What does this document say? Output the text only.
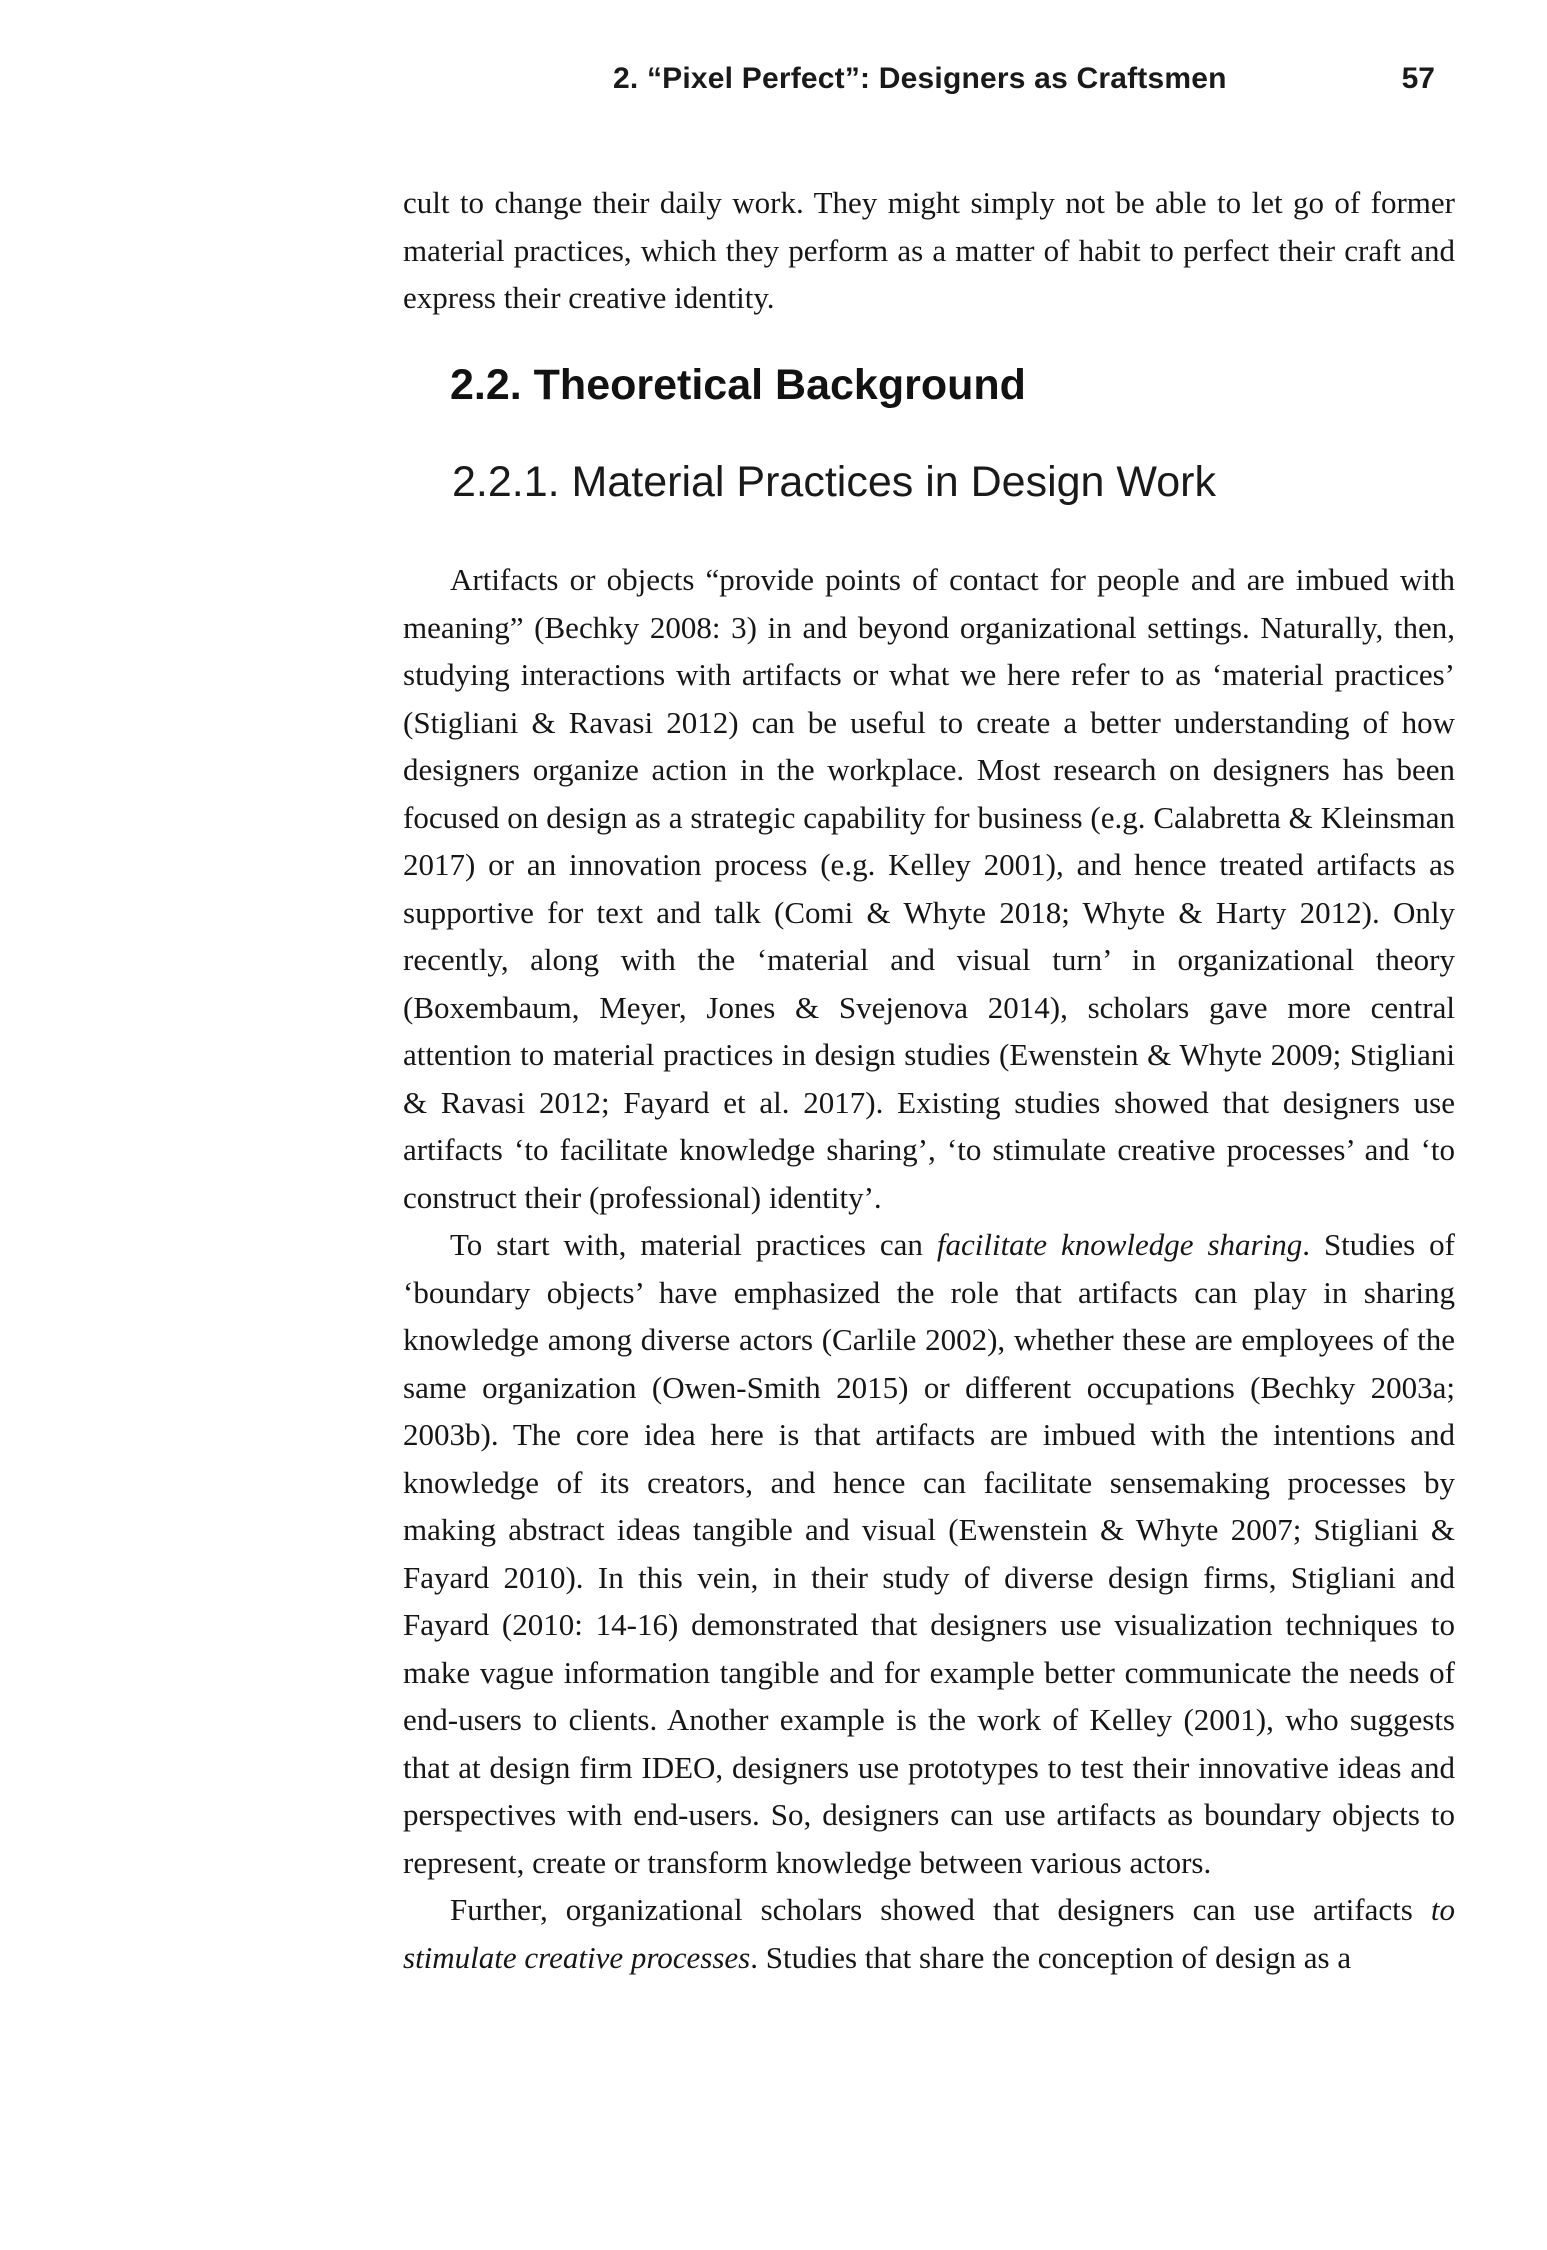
2. “Pixel Perfect”: Designers as Craftsmen	57

cult to change their daily work. They might simply not be able to let go of former material practices, which they perform as a matter of habit to perfect their craft and express their creative identity.

2.2. Theoretical Background
2.2.1. Material Practices in Design Work

Artifacts or objects “provide points of contact for people and are imbued with meaning” (Bechky 2008: 3) in and beyond organizational settings. Naturally, then, studying interactions with artifacts or what we here refer to as ‘material practices’ (Stigliani & Ravasi 2012) can be useful to create a better understanding of how designers organize action in the workplace. Most research on designers has been focused on design as a strategic capability for business (e.g. Calabretta & Kleinsman 2017) or an innovation process (e.g. Kelley 2001), and hence treated artifacts as supportive for text and talk (Comi & Whyte 2018; Whyte & Harty 2012). Only recently, along with the ‘material and visual turn’ in organizational theory (Boxembaum, Meyer, Jones & Svejenova 2014), scholars gave more central attention to material practices in design studies (Ewenstein & Whyte 2009; Stigliani & Ravasi 2012; Fayard et al. 2017). Existing studies showed that designers use artifacts ‘to facilitate knowledge sharing’, ‘to stimulate creative processes’ and ‘to construct their (professional) identity’.

To start with, material practices can facilitate knowledge sharing. Studies of ‘boundary objects’ have emphasized the role that artifacts can play in sharing knowledge among diverse actors (Carlile 2002), whether these are employees of the same organization (Owen-Smith 2015) or different occupations (Bechky 2003a; 2003b). The core idea here is that artifacts are imbued with the intentions and knowledge of its creators, and hence can facilitate sensemaking processes by making abstract ideas tangible and visual (Ewenstein & Whyte 2007; Stigliani & Fayard 2010). In this vein, in their study of diverse design firms, Stigliani and Fayard (2010: 14-16) demonstrated that designers use visualization techniques to make vague information tangible and for example better communicate the needs of end-users to clients. Another example is the work of Kelley (2001), who suggests that at design firm IDEO, designers use prototypes to test their innovative ideas and perspectives with end-users. So, designers can use artifacts as boundary objects to represent, create or transform knowledge between various actors.

Further, organizational scholars showed that designers can use artifacts to stimulate creative processes. Studies that share the conception of design as a
